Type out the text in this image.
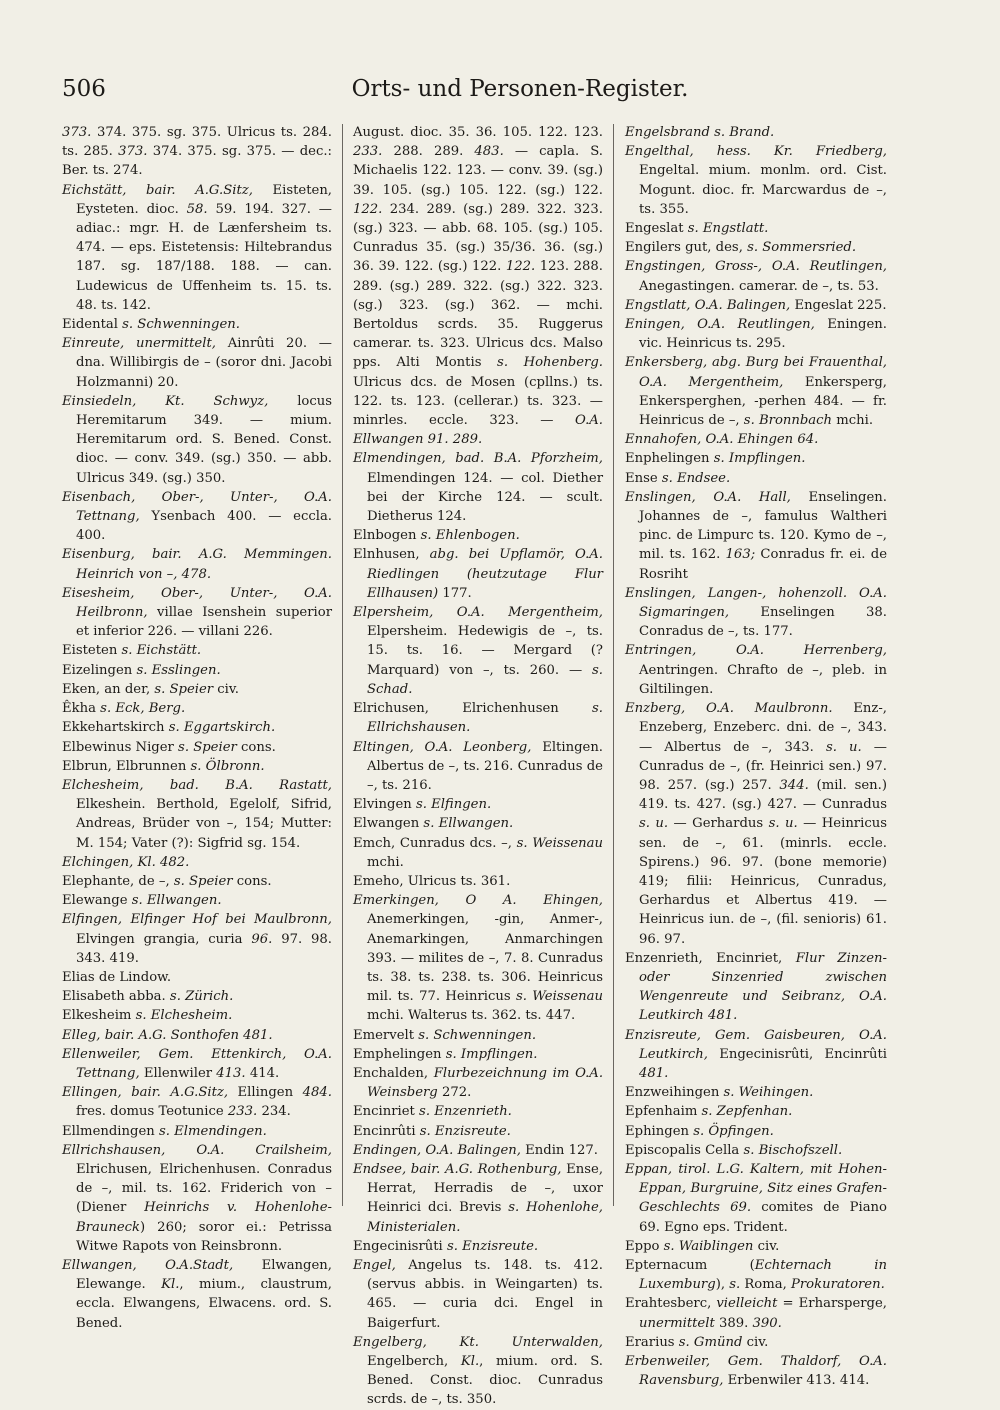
506	Orts- und Personen-Register.
373. 374. 375. sg. 375. Ulricus ts. 284. ts. 285. 373. 374. 375. sg. 375. — dec.: Ber. ts. 274.
Eichstätt, bair. A.G.Sitz, Eisteten, Eysteten. dioc. 58. 59. 194. 327. — adiac.: mgr. H. de Lænfersheim ts. 474. — eps. Eistetensis: Hiltebrandus 187. sg. 187/188. 188. — can. Ludewicus de Uffenheim ts. 15. ts. 48. ts. 142.
Eidental s. Schwenningen.
Einreute, unermittelt, Ainrûti 20. — dna. Willibirgis de – (soror dni. Jacobi Holzmanni) 20.
Einsiedeln, Kt. Schwyz, locus Heremitarum 349. — mium. Heremitarum ord. S. Bened. Const. dioc. — conv. 349. (sg.) 350. — abb. Ulricus 349. (sg.) 350.
Eisenbach, Ober-, Unter-, O.A. Tettnang, Ysenbach 400. — eccla. 400.
Eisenburg, bair. A.G. Memmingen. Heinrich von –, 478.
Eisesheim, Ober-, Unter-, O.A. Heilbronn, villae Isenshein superior et inferior 226. — villani 226.
Eisteten s. Eichstätt.
Eizelingen s. Esslingen.
Eken, an der, s. Speier civ.
Êkha s. Eck, Berg.
Ekkehartskirch s. Eggartskirch.
Elbewinus Niger s. Speier cons.
Elbrun, Elbrunnen s. Ölbronn.
Elchesheim, bad. B.A. Rastatt, Elkeshein. Berthold, Egelolf, Sifrid, Andreas, Brüder von –, 154; Mutter: M. 154; Vater (?): Sigfrid sg. 154.
Elchingen, Kl. 482.
Elephante, de –, s. Speier cons.
Elewange s. Ellwangen.
Elfingen, Elfinger Hof bei Maulbronn, Elvingen grangia, curia 96. 97. 98. 343. 419.
Elias de Lindow.
Elisabeth abba. s. Zürich.
Elkesheim s. Elchesheim.
Elleg, bair. A.G. Sonthofen 481.
Ellenweiler, Gem. Ettenkirch, O.A. Tettnang, Ellenwiler 413. 414.
Ellingen, bair. A.G.Sitz, Ellingen 484. fres. domus Teotunice 233. 234.
Ellmendingen s. Elmendingen.
Ellrichshausen, O.A. Crailsheim, Elrichusen, Elrichenhusen. Conradus de –, mil. ts. 162. Friderich von – (Diener Heinrichs v. Hohenlohe-Brauneck) 260; soror ei.: Petrissa Witwe Rapots von Reinsbronn.
Ellwangen, O.A.Stadt, Elwangen, Elewange. Kl., mium., claustrum, eccla. Elwangens, Elwacens. ord. S. Bened.
August. dioc. 35. 36. 105. 122. 123. 233. 288. 289. 483. — capla. S. Michaelis 122. 123. — conv. 39. (sg.) 39. 105. (sg.) 105. 122. (sg.) 122. 122. 234. 289. (sg.) 289. 322. 323. (sg.) 323. — abb. 68. 105. (sg.) 105. Cunradus 35. (sg.) 35/36. 36. (sg.) 36. 39. 122. (sg.) 122. 122. 123. 288. 289. (sg.) 289. 322. (sg.) 322. 323. (sg.) 323. (sg.) 362. — mchi. Bertoldus scrds. 35. Ruggerus camerar. ts. 323. Ulricus dcs. Malso pps. Alti Montis s. Hohenberg. Ulricus dcs. de Mosen (cpllns.) ts. 122. ts. 123. (cellerar.) ts. 323. — minrles. eccle. 323. — O.A. Ellwangen 91. 289.
Elmendingen, bad. B.A. Pforzheim, Elmendingen 124. — col. Diether bei der Kirche 124. — scult. Dietherus 124.
Elnbogen s. Ehlenbogen.
Elnhusen, abg. bei Upflamör, O.A. Riedlingen (heutzutage Flur Ellhausen) 177.
Elpersheim, O.A. Mergentheim, Elpersheim. Hedewigis de –, ts. 15. ts. 16. — Mergard (? Marquard) von –, ts. 260. — s. Schad.
Elrichusen, Elrichenhusen s. Ellrichshausen.
Eltingen, O.A. Leonberg, Eltingen. Albertus de –, ts. 216. Cunradus de –, ts. 216.
Elvingen s. Elfingen.
Elwangen s. Ellwangen.
Emch, Cunradus dcs. –, s. Weissenau mchi.
Emeho, Ulricus ts. 361.
Emerkingen, O A. Ehingen, Anemerkingen, -gin, Anmer-, Anemarkingen, Anmarchingen 393. — milites de –, 7. 8. Cunradus ts. 38. ts. 238. ts. 306. Heinricus mil. ts. 77. Heinricus s. Weissenau mchi. Walterus ts. 362. ts. 447.
Emervelt s. Schwenningen.
Emphelingen s. Impflingen.
Enchalden, Flurbezeichnung im O.A. Weinsberg 272.
Encinriet s. Enzenrieth.
Encinrûti s. Enzisreute.
Endingen, O.A. Balingen, Endin 127.
Endsee, bair. A.G. Rothenburg, Ense, Herrat, Herradis de –, uxor Heinrici dci. Brevis s. Hohenlohe, Ministerialen.
Engecinisrûti s. Enzisreute.
Engel, Angelus ts. 148. ts. 412. (servus abbis. in Weingarten) ts. 465. — curia dci. Engel in Baigerfurt.
Engelberg, Kt. Unterwalden, Engelberch, Kl., mium. ord. S. Bened. Const. dioc. Cunradus scrds. de –, ts. 350.
Engelsbrand s. Brand.
Engelthal, hess. Kr. Friedberg, Engeltal. mium. monlm. ord. Cist. Mogunt. dioc. fr. Marcwardus de –, ts. 355.
Engeslat s. Engstlatt.
Engilers gut, des, s. Sommersried.
Engstingen, Gross-, O.A. Reutlingen, Anegastingen. camerar. de –, ts. 53.
Engstlatt, O.A. Balingen, Engeslat 225.
Eningen, O.A. Reutlingen, Eningen. vic. Heinricus ts. 295.
Enkersberg, abg. Burg bei Frauenthal, O.A. Mergentheim, Enkersperg, Enkersperghen, -perhen 484. — fr. Heinricus de –, s. Bronnbach mchi.
Ennahofen, O.A. Ehingen 64.
Enphelingen s. Impflingen.
Ense s. Endsee.
Enslingen, O.A. Hall, Enselingen. Johannes de –, famulus Waltheri pinc. de Limpurc ts. 120. Kymo de –, mil. ts. 162. 163; Conradus fr. ei. de Rosriht
Enslingen, Langen-, hohenzoll. O.A. Sigmaringen, Enselingen 38. Conradus de –, ts. 177.
Entringen, O.A. Herrenberg, Aentringen. Chrafto de –, pleb. in Giltilingen.
Enzberg, O.A. Maulbronn. Enz-, Enzeberg, Enzeberc. dni. de –, 343. — Albertus de –, 343. s. u. — Cunradus de –, (fr. Heinrici sen.) 97. 98. 257. (sg.) 257. 344. (mil. sen.) 419. ts. 427. (sg.) 427. — Cunradus s. u. — Gerhardus s. u. — Heinricus sen. de –, 61. (minrls. eccle. Spirens.) 96. 97. (bone memorie) 419; filii: Heinricus, Cunradus, Gerhardus et Albertus 419. — Heinricus iun. de –, (fil. senioris) 61. 96. 97.
Enzenrieth, Encinriet, Flur Zinzen- oder Sinzenried zwischen Wengenreute und Seibranz, O.A. Leutkirch 481.
Enzisreute, Gem. Gaisbeuren, O.A. Leutkirch, Engecinisrûti, Encinrûti 481.
Enzweihingen s. Weihingen.
Epfenhaim s. Zepfenhan.
Ephingen s. Öpfingen.
Episcopalis Cella s. Bischofszell.
Eppan, tirol. L.G. Kaltern, mit Hohen-Eppan, Burgruine, Sitz eines Grafen-Geschlechts 69. comites de Piano 69. Egno eps. Trident.
Eppo s. Waiblingen civ.
Epternacum (Echternach in Luxemburg), s. Roma, Prokuratoren.
Erahtesberc, vielleicht = Erharsperge, unermittelt 389. 390.
Erarius s. Gmünd civ.
Erbenweiler, Gem. Thaldorf, O.A. Ravensburg, Erbenwiler 413. 414.
